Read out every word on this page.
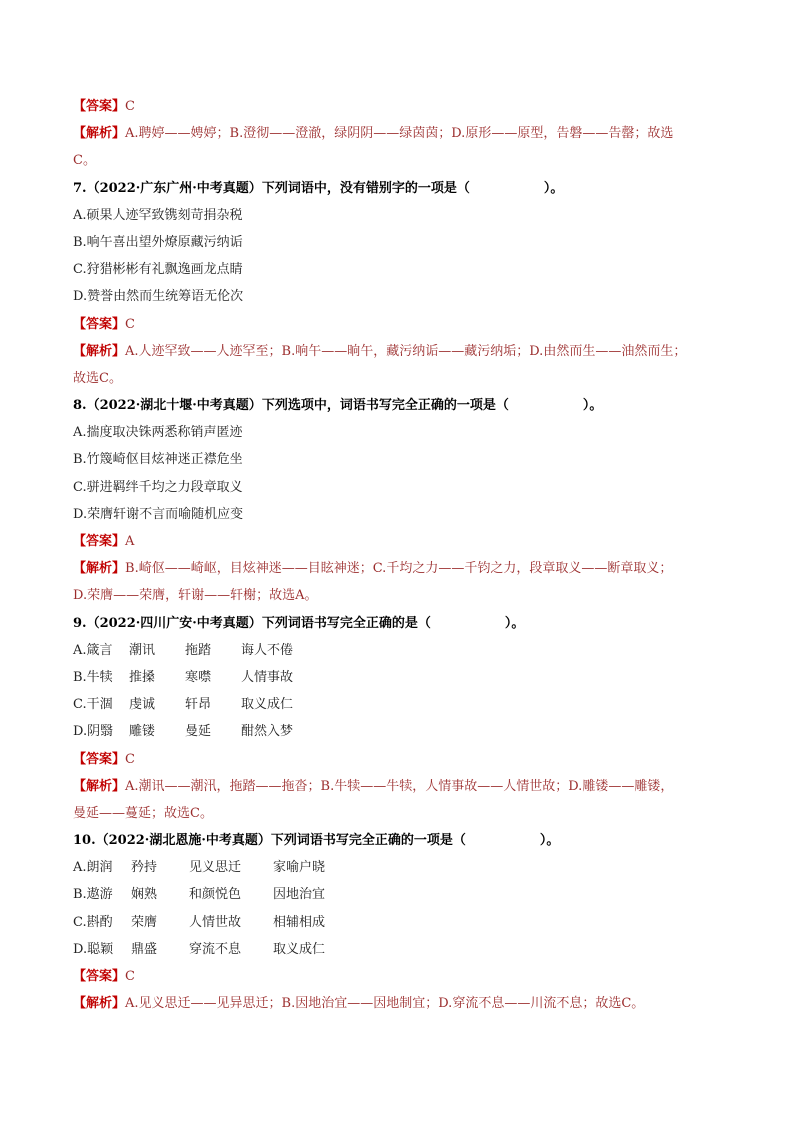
【答案】C
【解析】A.聘婷——娉婷；B.澄彻——澄澈，绿阴阴——绿茵茵；D.原形——原型，告磐——告罄；故选
C。
7.（2022·广东广州·中考真题）下列词语中，没有错别字的一项是（	）。
A.硕果人迹罕致镌刻苛捐杂税
B.响午喜出望外燎原藏污纳诟
C.狩猎彬彬有礼飘逸画龙点睛
D.赞誉由然而生统筹语无伦次
【答案】C
【解析】A.人迹罕致——人迹罕至；B.响午——晌午，藏污纳诟——藏污纳垢；D.由然而生——油然而生；
故选C。
8.（2022·湖北十堰·中考真题）下列选项中，词语书写完全正确的一项是（	）。
A.揣度取决铢两悉称销声匿迹
B.竹篾崎伛目炫神迷正襟危坐
C.骈进羁绊千均之力段章取义
D.荣膺轩谢不言而喻随机应变
【答案】A
【解析】B.崎伛——崎岖，目炫神迷——目眩神迷；C.千均之力——千钧之力，段章取义——断章取义；
D.荣膺——荣膺，轩谢——轩榭；故选A。
9.（2022·四川广安·中考真题）下列词语书写完全正确的是（	）。
A.箴言 潮讯 拖踏 诲人不倦
B.牛犊 推搡 寒噤 人情事故
C.干涸 虔诚 轩昂 取义成仁
D.阴翳 雕镂 曼延 酣然入梦
【答案】C
【解析】A.潮讯——潮汛，拖踏——拖沓；B.牛犊——牛犊，人情事故——人情世故；D.雕镂——雕镂，
曼延——蔓延；故选C。
10.（2022·湖北恩施·中考真题）下列词语书写完全正确的一项是（	）。
A.朗润 矜持 见义思迁 家喻户晓
B.遨游 娴熟 和颜悦色 因地治宜
C.斟酌 荣膺 人情世故 相辅相成
D.聪颖 鼎盛 穿流不息 取义成仁
【答案】C
【解析】A.见义思迁——见异思迁；B.因地治宜——因地制宜；D.穿流不息——川流不息；故选C。
